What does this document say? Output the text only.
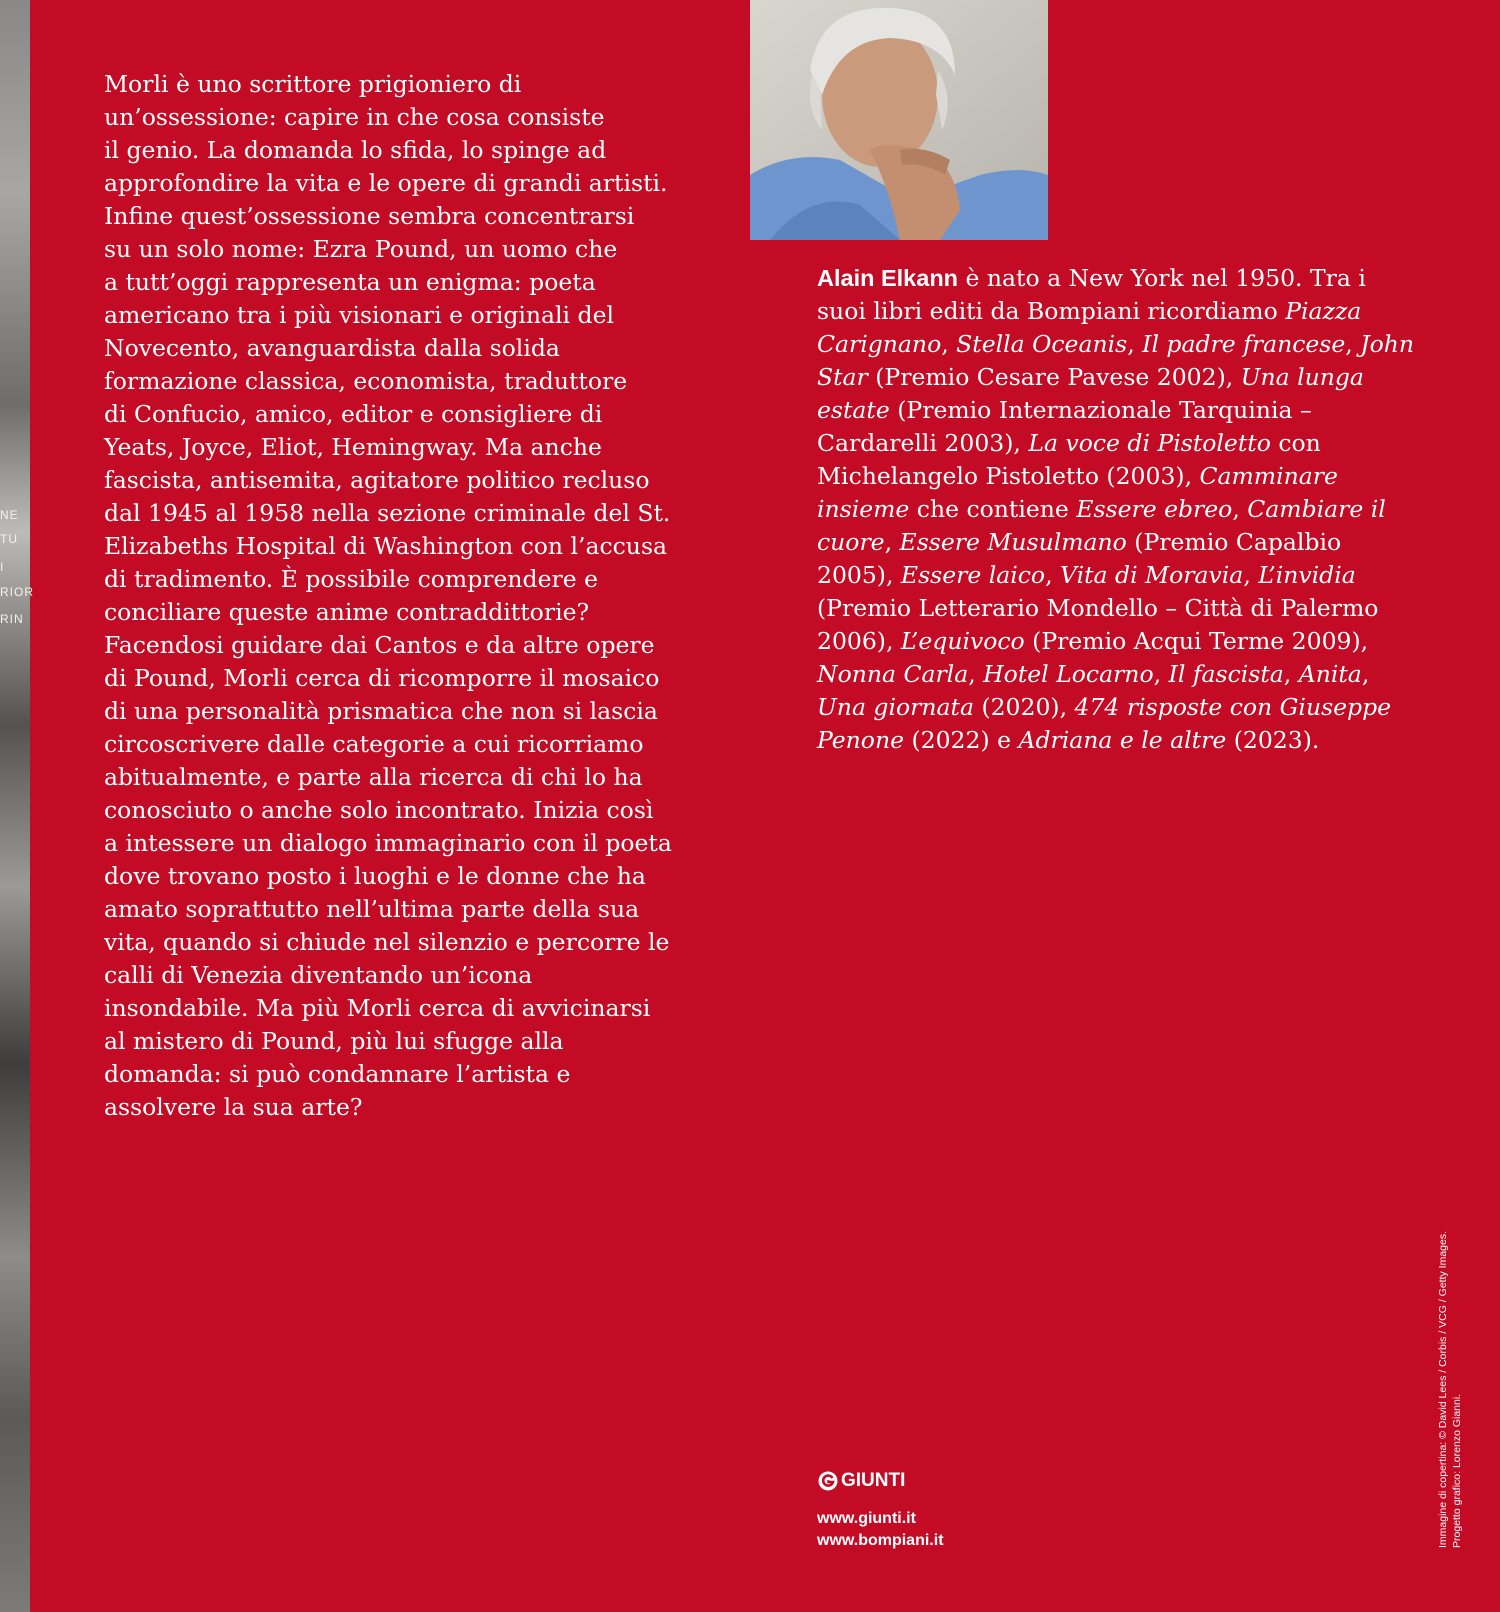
NE
TU
I
RIOR
RIN

Morli è uno scrittore prigioniero di
un’ossessione: capire in che cosa consiste
il genio. La domanda lo sfida, lo spinge ad
approfondire la vita e le opere di grandi artisti.
Infine quest’ossessione sembra concentrarsi
su un solo nome: Ezra Pound, un uomo che
a tutt’oggi rappresenta un enigma: poeta
americano tra i più visionari e originali del
Novecento, avanguardista dalla solida
formazione classica, economista, traduttore
di Confucio, amico, editor e consigliere di
Yeats, Joyce, Eliot, Hemingway. Ma anche
fascista, antisemita, agitatore politico recluso
dal 1945 al 1958 nella sezione criminale del St.
Elizabeths Hospital di Washington con l’accusa
di tradimento. È possibile comprendere e
conciliare queste anime contraddittorie?
Facendosi guidare dai Cantos e da altre opere
di Pound, Morli cerca di ricomporre il mosaico
di una personalità prismatica che non si lascia
circoscrivere dalle categorie a cui ricorriamo
abitualmente, e parte alla ricerca di chi lo ha
conosciuto o anche solo incontrato. Inizia così
a intessere un dialogo immaginario con il poeta
dove trovano posto i luoghi e le donne che ha
amato soprattutto nell’ultima parte della sua
vita, quando si chiude nel silenzio e percorre le
calli di Venezia diventando un’icona
insondabile. Ma più Morli cerca di avvicinarsi
al mistero di Pound, più lui sfugge alla
domanda: si può condannare l’artista e
assolvere la sua arte?

Alain Elkann è nato a New York nel 1950. Tra i suoi libri editi da Bompiani ricordiamo Piazza Carignano, Stella Oceanis, Il padre francese, John Star (Premio Cesare Pavese 2002), Una lunga estate (Premio Internazionale Tarquinia – Cardarelli 2003), La voce di Pistoletto con Michelangelo Pistoletto (2003), Camminare insieme che contiene Essere ebreo, Cambiare il cuore, Essere Musulmano (Premio Capalbio 2005), Essere laico, Vita di Moravia, L’invidia (Premio Letterario Mondello – Città di Palermo 2006), L’equivoco (Premio Acqui Terme 2009), Nonna Carla, Hotel Locarno, Il fascista, Anita, Una giornata (2020), 474 risposte con Giuseppe Penone (2022) e Adriana e le altre (2023).

GIUNTI
www.giunti.it
www.bompiani.it	Immagine di copertina: © David Lees / Corbis / VCG / Getty Images. Progetto grafico: Lorenzo Gianni.
